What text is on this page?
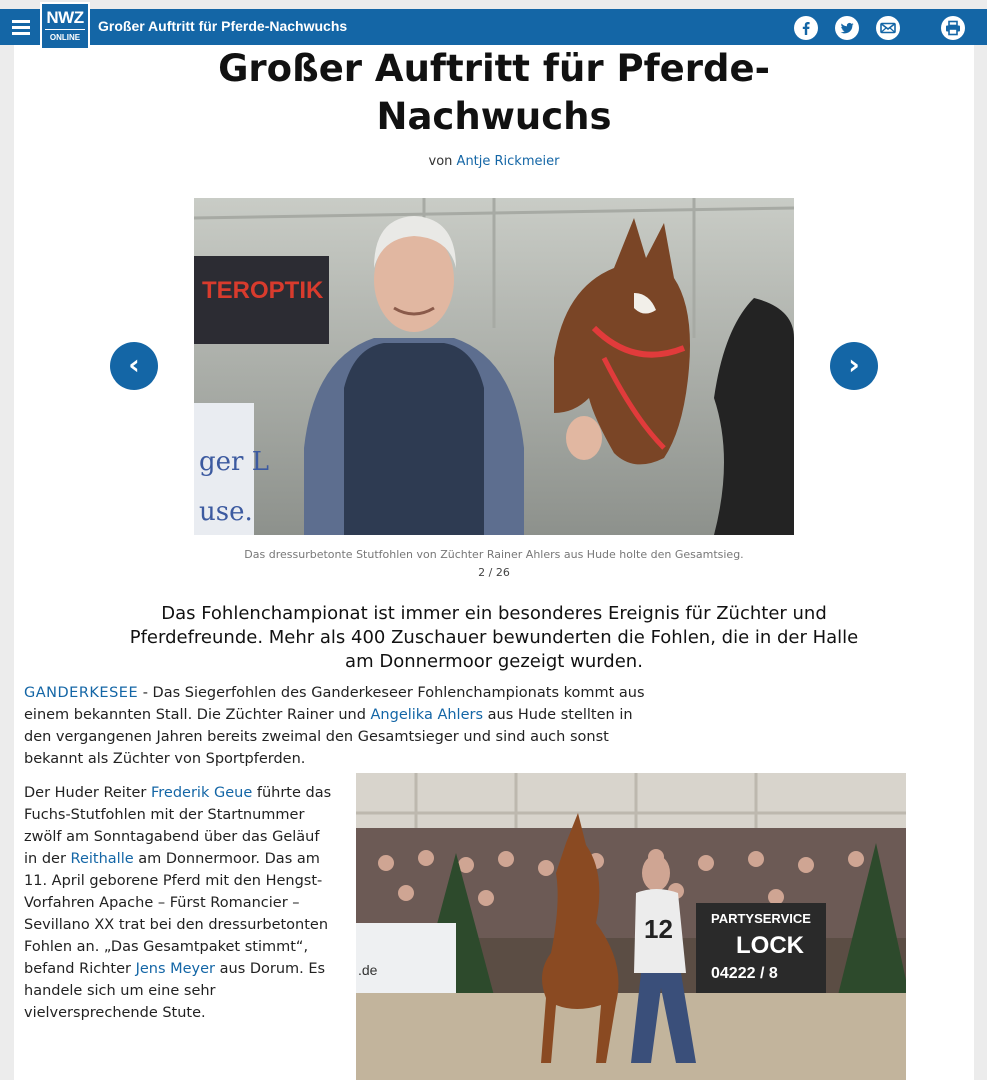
Großer Auftritt für Pferde-Nachwuchs
NWZ
ONLINE
Großer Auftritt für Pferde-
Nachwuchs
von Antje Rickmeier
TEROPTIK
ger L
use.
‹	›
Das dressurbetonte Stutfohlen von Züchter Rainer Ahlers aus Hude holte den Gesamtsieg.
2 / 26

Das Fohlenchampionat ist immer ein besonderes Ereignis für Züchter und Pferdefreunde. Mehr als 400 Zuschauer bewunderten die Fohlen, die in der Halle am Donnermoor gezeigt wurden.

GANDERKESEE - Das Siegerfohlen des Ganderkeseer Fohlenchampionats kommt aus einem bekannten Stall. Die Züchter Rainer und Angelika Ahlers aus Hude stellten in den vergangenen Jahren bereits zweimal den Gesamtsieger und sind auch sonst bekannt als Züchter von Sportpferden.

Der Huder Reiter Frederik Geue führte das Fuchs-Stutfohlen mit der Startnummer zwölf am Sonntagabend über das Geläuf in der Reithalle am Donnermoor. Das am 11. April geborene Pferd mit den Hengst-Vorfahren Apache – Fürst Romancier – Sevillano XX trat bei den dressurbetonten Fohlen an. „Das Gesamtpaket stimmt“, befand Richter Jens Meyer aus Dorum. Es handele sich um eine sehr vielversprechende Stute.

.de
PARTYSERVICE
LOCK
04222 / 8
12
